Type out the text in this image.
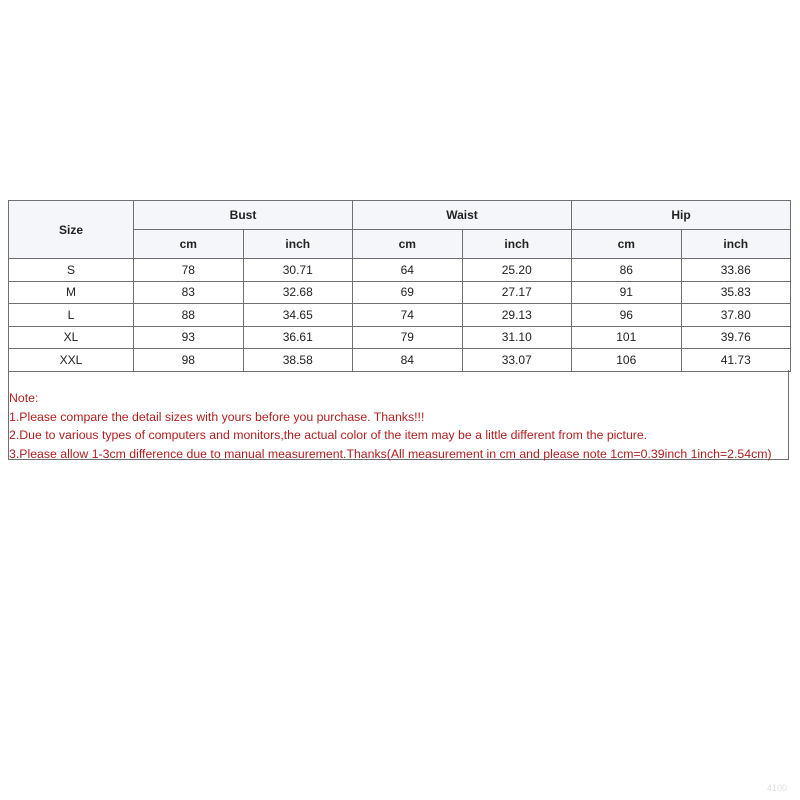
Size	Bust		Waist		Hip	
	cm	inch	cm	inch	cm	inch
S	78	30.71	64	25.20	86	33.86
M	83	32.68	69	27.17	91	35.83
L	88	34.65	74	29.13	96	37.80
XL	93	36.61	79	31.10	101	39.76
XXL	98	38.58	84	33.07	106	41.73
Note:
1.Please compare the detail sizes with yours before you purchase. Thanks!!!
2.Due to various types of computers and monitors,the actual color of the item may be a little different from the picture.
3.Please allow 1-3cm difference due to manual measurement.Thanks(All measurement in cm and please note 1cm=0.39inch 1inch=2.54cm)
4100
